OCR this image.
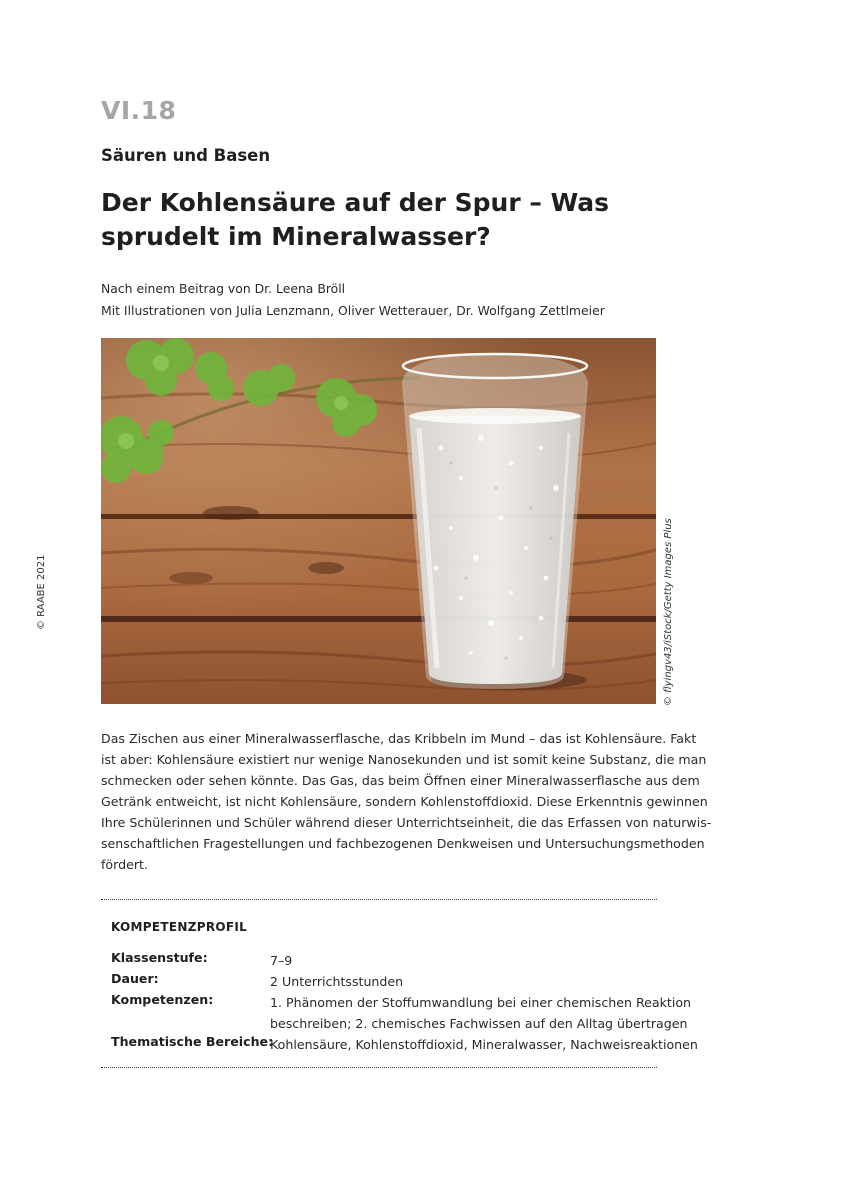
VI.18
Säuren und Basen
Der Kohlensäure auf der Spur – Was
sprudelt im Mineralwasser?
Nach einem Beitrag von Dr. Leena Bröll
Mit Illustrationen von Julia Lenzmann, Oliver Wetterauer, Dr. Wolfgang Zettlmeier
© flyingv43/iStock/Getty Images Plus
© RAABE 2021

Das Zischen aus einer Mineralwasserflasche, das Kribbeln im Mund – das ist Kohlensäure. Fakt
ist aber: Kohlensäure existiert nur wenige Nanosekunden und ist somit keine Substanz, die man
schmecken oder sehen könnte. Das Gas, das beim Öffnen einer Mineralwasserflasche aus dem
Getränk entweicht, ist nicht Kohlensäure, sondern Kohlenstoffdioxid. Diese Erkenntnis gewinnen
Ihre Schülerinnen und Schüler während dieser Unterrichtseinheit, die das Erfassen von naturwis-
senschaftlichen Fragestellungen und fachbezogenen Denkweisen und Untersuchungsmethoden
fördert.

KOMPETENZPROFIL
Klassenstufe:	7–9
Dauer:	2 Unterrichtsstunden
Kompetenzen:	1. Phänomen der Stoffumwandlung bei einer chemischen Reaktion
beschreiben; 2. chemisches Fachwissen auf den Alltag übertragen
Thematische Bereiche:
Kohlensäure, Kohlenstoffdioxid, Mineralwasser, Nachweisreaktionen
